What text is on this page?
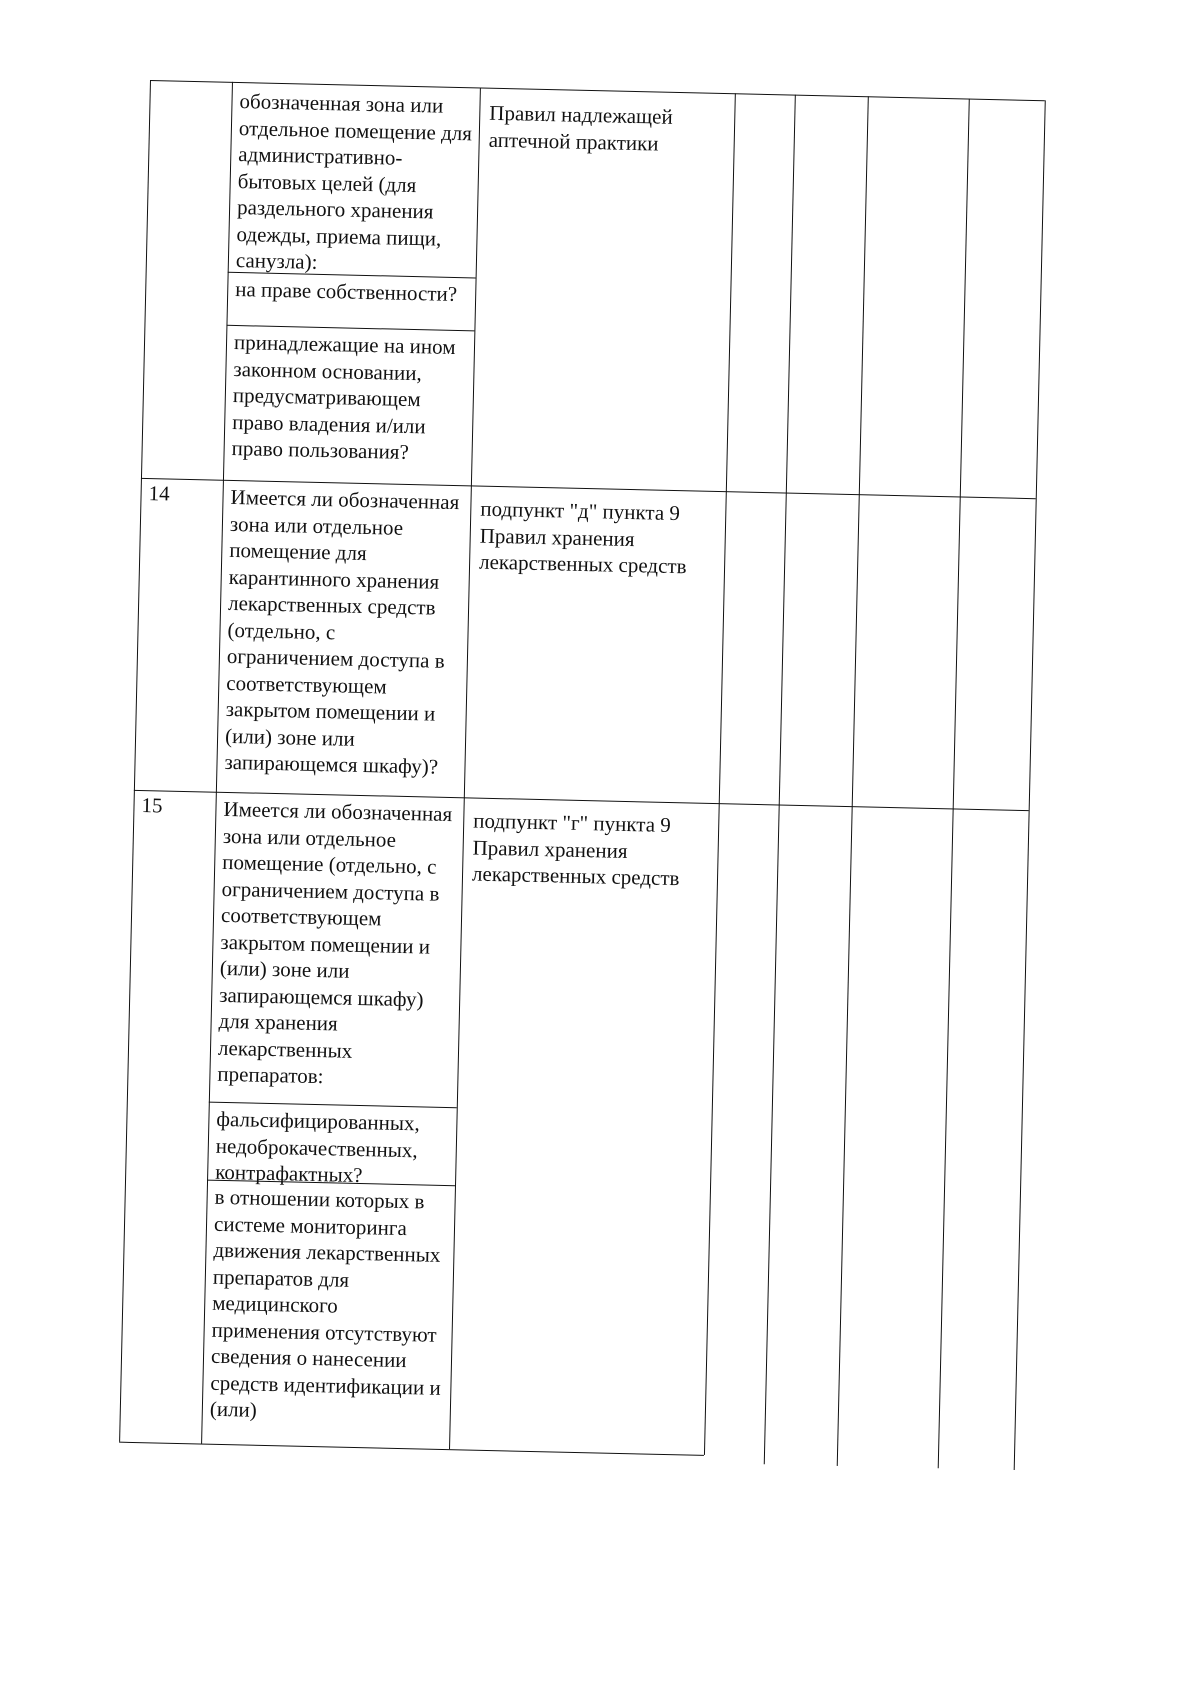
обозначенная зона или отдельное помещение для административно-бытовых целей (для раздельного хранения одежды, приема пищи, санузла):
на праве собственности?
принадлежащие на ином законном основании, предусматривающем право владения и/или право пользования?
Правил надлежащей аптечной практики
14	Имеется ли обозначенная зона или отдельное помещение для карантинного хранения лекарственных средств (отдельно, с ограничением доступа в соответствующем закрытом помещении и (или) зоне или запирающемся шкафу)?
подпункт "д" пункта 9 Правил хранения лекарственных средств
15	Имеется ли обозначенная зона или отдельное помещение (отдельно, с ограничением доступа в соответствующем закрытом помещении и (или) зоне или запирающемся шкафу) для хранения лекарственных препаратов:
фальсифицированных, недоброкачественных, контрафактных?
в отношении которых в системе мониторинга движения лекарственных препаратов для медицинского применения отсутствуют сведения о нанесении средств идентификации и (или)
подпункт "г" пункта 9 Правил хранения лекарственных средств
